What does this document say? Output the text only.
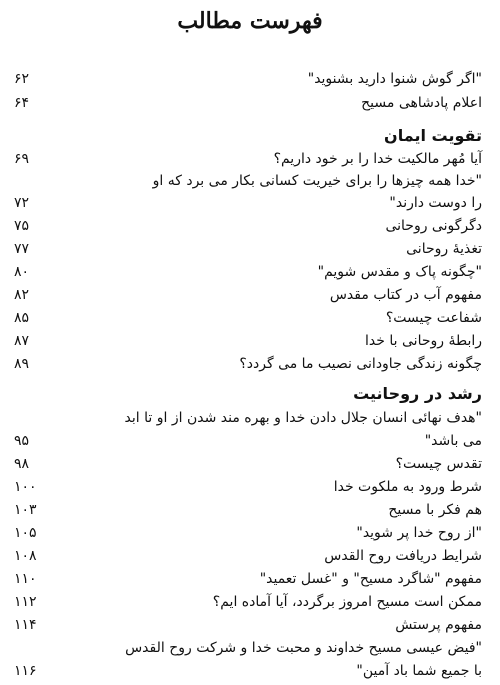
فهرست مطالب
"اگر گوش شنوا دارید بشنوید"
۶۲
اعلام پادشاهی مسیح
۶۴
تقویت ایمان
آیا مُهر مالکیت خدا را بر خود داریم؟
۶۹
"خدا همه چیزها را برای خیریت کسانی بکار می برد که او
را دوست دارند"
۷۲
دگرگونی روحانی
۷۵
تغذیۀ روحانی
۷۷
"چگونه پاک و مقدس شویم"
۸۰
مفهوم آب در کتاب مقدس
۸۲
شفاعت چیست؟
۸۵
رابطۀ روحانی با خدا
۸۷
چگونه زندگی جاودانی نصیب ما می گردد؟
۸۹
رشد در روحانیت
"هدف نهائی انسان جلال دادن خدا و بهره مند شدن از او تا ابد
می باشد"
۹۵
تقدس چیست؟
۹۸
شرط ورود به ملکوت خدا
۱۰۰
هم فکر با مسیح
۱۰۳
"از روح خدا پر شوید"
۱۰۵
شرایط دریافت روح القدس
۱۰۸
مفهوم "شاگرد مسیح" و "غسل تعمید"
۱۱۰
ممکن است مسیح امروز برگردد، آیا آماده ایم؟
۱۱۲
مفهوم پرستش
۱۱۴
"فیض عیسی مسیح خداوند و محبت خدا و شرکت روح القدس
با جمیع شما باد آمین"
۱۱۶
